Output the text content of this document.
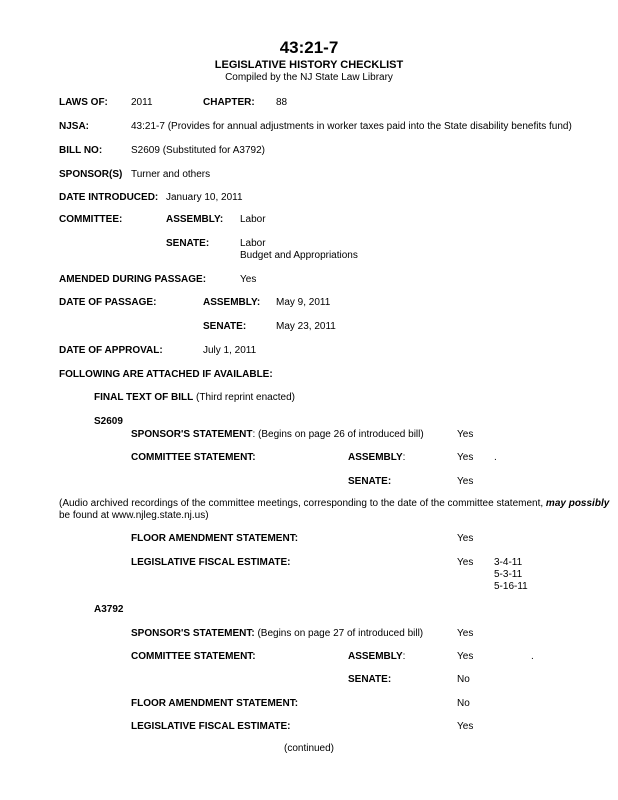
43:21-7
LEGISLATIVE HISTORY CHECKLIST
Compiled by the NJ State Law Library
LAWS OF: 2011	CHAPTER: 88
NJSA:	43:21-7 (Provides for annual adjustments in worker taxes paid into the State disability benefits fund)
BILL NO:	S2609 (Substituted for A3792)
SPONSOR(S) Turner and others
DATE INTRODUCED: January 10, 2011
COMMITTEE:	ASSEMBLY: Labor
SENATE:	Labor
Budget and Appropriations
AMENDED DURING PASSAGE:	Yes
DATE OF PASSAGE:	ASSEMBLY: May 9, 2011
SENATE:	May 23, 2011
DATE OF APPROVAL:	July 1, 2011
FOLLOWING ARE ATTACHED IF AVAILABLE:
FINAL TEXT OF BILL (Third reprint enacted)
S2609
SPONSOR'S STATEMENT: (Begins on page 26 of introduced bill)	Yes
COMMITTEE STATEMENT:	ASSEMBLY:	Yes .
SENATE:	Yes
(Audio archived recordings of the committee meetings, corresponding to the date of the committee statement, may possibly
be found at www.njleg.state.nj.us)
FLOOR AMENDMENT STATEMENT:	Yes
LEGISLATIVE FISCAL ESTIMATE:	Yes 3-4-11
5-3-11
5-16-11
A3792
SPONSOR'S STATEMENT: (Begins on page 27 of introduced bill)	Yes
COMMITTEE STATEMENT:	ASSEMBLY:	Yes	.
SENATE:	No
FLOOR AMENDMENT STATEMENT:	No
LEGISLATIVE FISCAL ESTIMATE:	Yes
(continued)
